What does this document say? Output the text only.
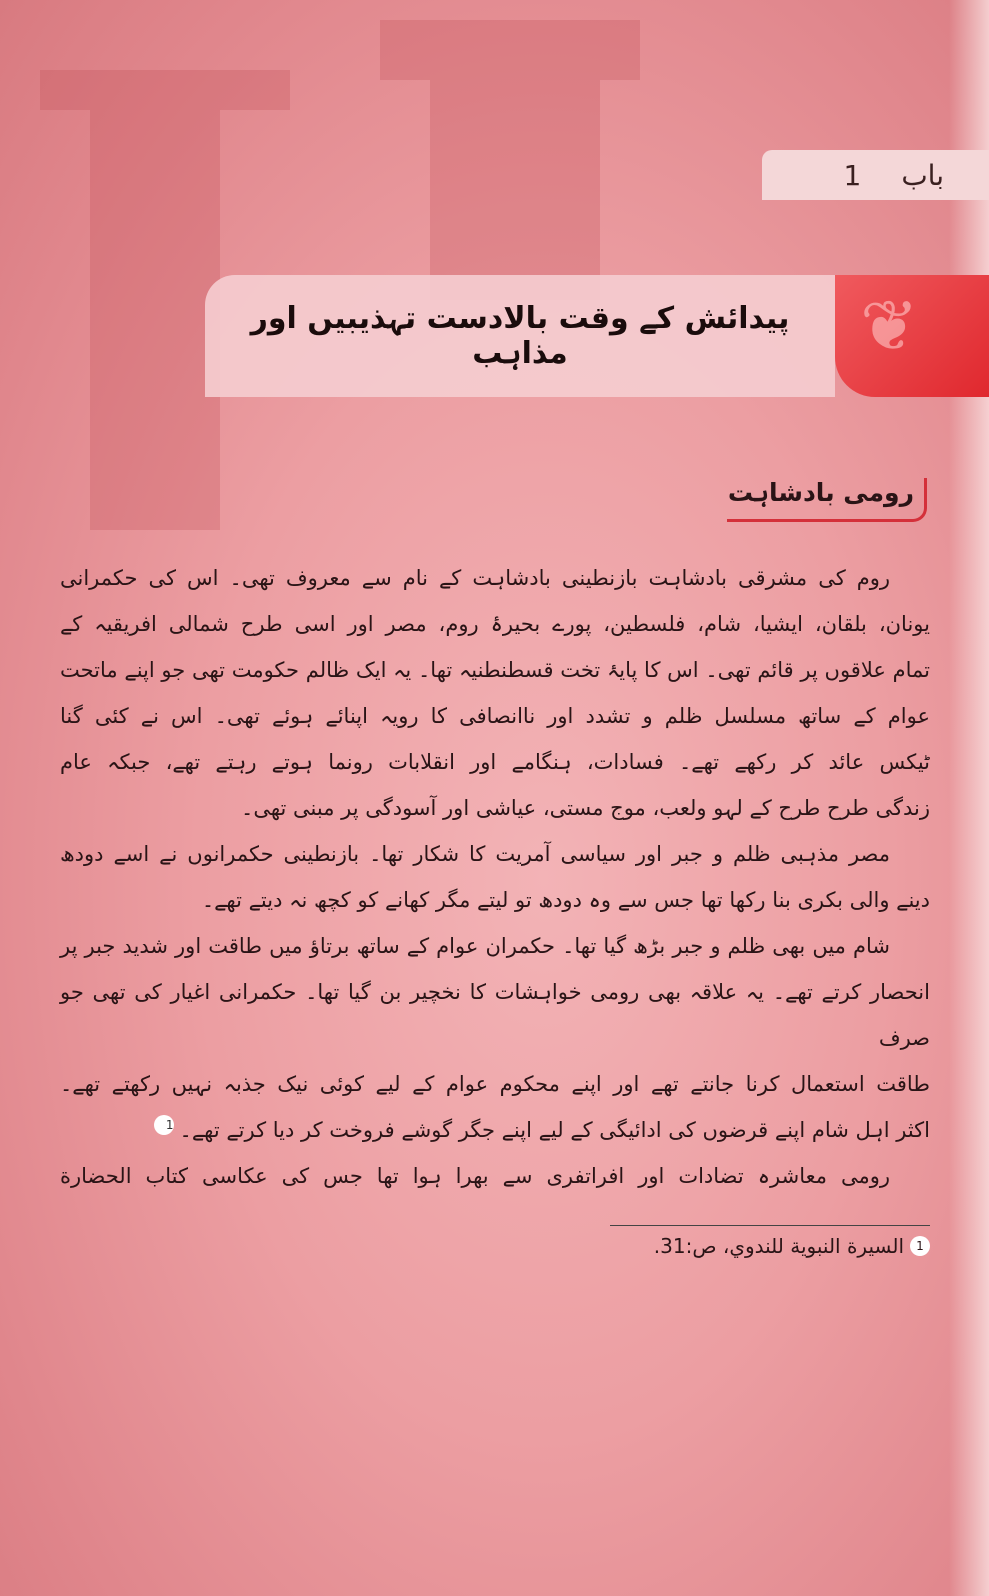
باب
1
پیدائش کے وقت بالادست تہذیبیں اور مذاہب	❦
رومی بادشاہت
روم کی مشرقی بادشاہت بازنطینی بادشاہت کے نام سے معروف تھی۔ اس کی حکمرانی
یونان، بلقان، ایشیا، شام، فلسطین، پورے بحیرۂ روم، مصر اور اسی طرح شمالی افریقیہ کے
تمام علاقوں پر قائم تھی۔ اس کا پایۂ تخت قسطنطنیہ تھا۔ یہ ایک ظالم حکومت تھی جو اپنے ماتحت
عوام کے ساتھ مسلسل ظلم و تشدد اور ناانصافی کا رویہ اپنائے ہوئے تھی۔ اس نے کئی گنا
ٹیکس عائد کر رکھے تھے۔ فسادات، ہنگامے اور انقلابات رونما ہوتے رہتے تھے، جبکہ عام
زندگی طرح طرح کے لہو ولعب، موج مستی، عیاشی اور آسودگی پر مبنی تھی۔
مصر مذہبی ظلم و جبر اور سیاسی آمریت کا شکار تھا۔ بازنطینی حکمرانوں نے اسے دودھ
دینے والی بکری بنا رکھا تھا جس سے وہ دودھ تو لیتے مگر کھانے کو کچھ نہ دیتے تھے۔
شام میں بھی ظلم و جبر بڑھ گیا تھا۔ حکمران عوام کے ساتھ برتاؤ میں طاقت اور شدید جبر پر
انحصار کرتے تھے۔ یہ علاقہ بھی رومی خواہشات کا نخچیر بن گیا تھا۔ حکمرانی اغیار کی تھی جو صرف
طاقت استعمال کرنا جانتے تھے اور اپنے محکوم عوام کے لیے کوئی نیک جذبہ نہیں رکھتے تھے۔
اکثر اہل شام اپنے قرضوں کی ادائیگی کے لیے اپنے جگر گوشے فروخت کر دیا کرتے تھے۔1
رومی معاشرہ تضادات اور افراتفری سے بھرا ہوا تھا جس کی عکاسی کتاب الحضارة
1
السيرة النبوية للندوي، ص:31.
